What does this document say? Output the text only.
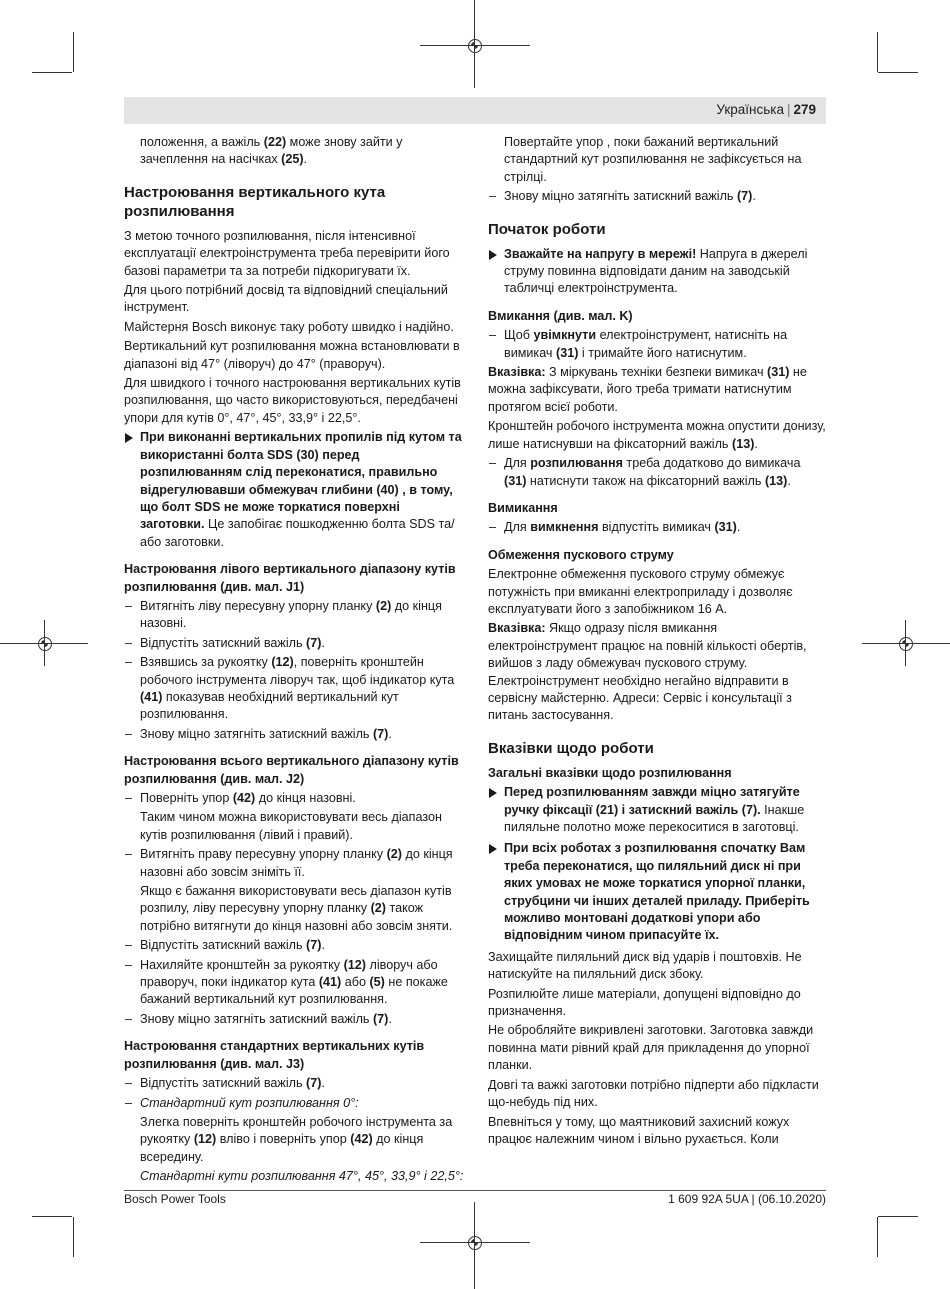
Українська | 279

положення, а важіль (22) може знову зайти у зачеплення на насічках (25).

Настроювання вертикального кута розпилювання

З метою точного розпилювання, після інтенсивної експлуатації електроінструмента треба перевірити його базові параметри та за потреби підкоригувати їх.

Для цього потрібний досвід та відповідний спеціальний інструмент.

Майстерня Bosch виконує таку роботу швидко і надійно.

Вертикальний кут розпилювання можна встановлювати в діапазоні від 47° (ліворуч) до 47° (праворуч).

Для швидкого і точного настроювання вертикальних кутів розпилювання, що часто використовуються, передбачені упори для кутів 0°, 47°, 45°, 33,9° і 22,5°.

При виконанні вертикальних пропилів під кутом та використанні болта SDS (30) перед розпилюванням слід переконатися, правильно відрегулювавши обмежувач глибини (40) , в тому, що болт SDS не може торкатися поверхні заготовки. Це запобігає пошкодженню болта SDS та/або заготовки.

Настроювання лівого вертикального діапазону кутів розпилювання (див. мал. J1)

– Витягніть ліву пересувну упорну планку (2) до кінця назовні.

– Відпустіть затискний важіль (7).

– Взявшись за рукоятку (12), поверніть кронштейн робочого інструмента ліворуч так, щоб індикатор кута (41) показував необхідний вертикальний кут розпилювання.

– Знову міцно затягніть затискний важіль (7).

Настроювання всього вертикального діапазону кутів розпилювання (див. мал. J2)

– Поверніть упор (42) до кінця назовні.

Таким чином можна використовувати весь діапазон кутів розпилювання (лівий і правий).

– Витягніть праву пересувну упорну планку (2) до кінця назовні або зовсім зніміть її.

Якщо є бажання використовувати весь діапазон кутів розпилу, ліву пересувну упорну планку (2) також потрібно витягнути до кінця назовні або зовсім зняти.

– Відпустіть затискний важіль (7).

– Нахиляйте кронштейн за рукоятку (12) ліворуч або праворуч, поки індикатор кута (41) або (5) не покаже бажаний вертикальний кут розпилювання.

– Знову міцно затягніть затискний важіль (7).

Настроювання стандартних вертикальних кутів розпилювання (див. мал. J3)

– Відпустіть затискний важіль (7).

– Стандартний кут розпилювання 0°:

Злегка поверніть кронштейн робочого інструмента за рукоятку (12) вліво і поверніть упор (42) до кінця всередину.

Стандартні кути розпилювання 47°, 45°, 33,9° і 22,5°:

Повертайте упор , поки бажаний вертикальний стандартний кут розпилювання не зафіксується на стрілці.

– Знову міцно затягніть затискний важіль (7).

Початок роботи

Зважайте на напругу в мережі! Напруга в джерелі струму повинна відповідати даним на заводській табличці електроінструмента.

Вмикання (див. мал. K)

– Щоб увімкнути електроінструмент, натисніть на вимикач (31) і тримайте його натиснутим.

Вказівка: З міркувань техніки безпеки вимикач (31) не можна зафіксувати, його треба тримати натиснутим протягом всієї роботи.

Кронштейн робочого інструмента можна опустити донизу, лише натиснувши на фіксаторний важіль (13).

– Для розпилювання треба додатково до вимикача (31) натиснути також на фіксаторний важіль (13).

Вимикання

– Для вимкнення відпустіть вимикач (31).

Обмеження пускового струму

Електронне обмеження пускового струму обмежує потужність при вмиканні електроприладу і дозволяє експлуатувати його з запобіжником 16 А.

Вказівка: Якщо одразу після вмикання електроінструмент працює на повній кількості обертів, вийшов з ладу обмежувач пускового струму. Електроінструмент необхідно негайно відправити в сервісну майстерню. Адреси: Сервіс і консультації з питань застосування.

Вказівки щодо роботи
Загальні вказівки щодо розпилювання

Перед розпилюванням завжди міцно затягуйте ручку фіксації (21) і затискний важіль (7). Інакше пиляльне полотно може перекоситися в заготовці.

При всіх роботах з розпилювання спочатку Вам треба переконатися, що пиляльний диск ні при яких умовах не може торкатися упорної планки, струбцини чи інших деталей приладу. Приберіть можливо монтовані додаткові упори або відповідним чином припасуйте їх.

Захищайте пиляльний диск від ударів і поштовхів. Не натискуйте на пиляльний диск збоку.

Розпилюйте лише матеріали, допущені відповідно до призначення.

Не обробляйте викривлені заготовки. Заготовка завжди повинна мати рівний край для прикладення до упорної планки.

Довгі та важкі заготовки потрібно підперти або підкласти що-небудь під них.

Впевніться у тому, що маятниковий захисний кожух працює належним чином і вільно рухається. Коли

Bosch Power Tools	1 609 92A 5UA | (06.10.2020)
